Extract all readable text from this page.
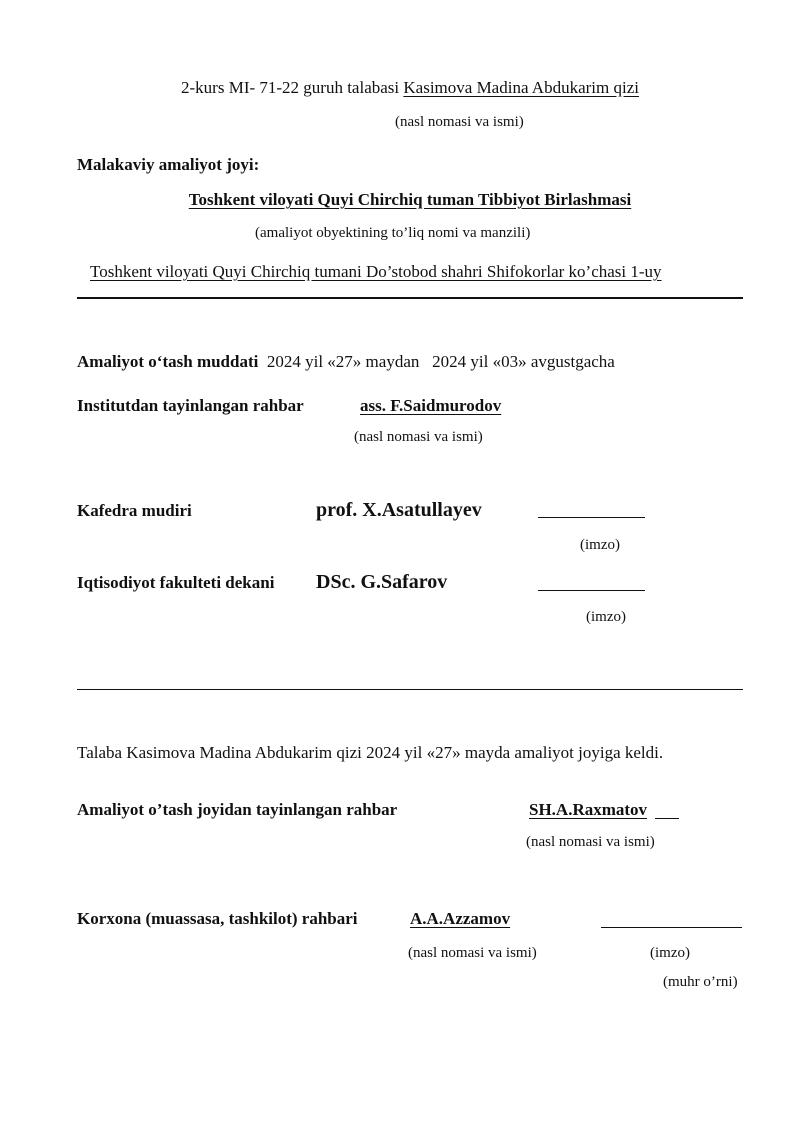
2-kurs MI- 71-22 guruh talabasi Kasimova Madina Abdukarim qizi
(nasl nomasi va ismi)
Malakaviy amaliyot joyi:
Toshkent viloyati Quyi Chirchiq tuman Tibbiyot Birlashmasi
(amaliyot obyektining to’liq nomi va manzili)
Toshkent viloyati Quyi Chirchiq tumani Do’stobod shahri Shifokorlar ko’chasi 1-uy
Amaliyot o‘tash muddati 2024 yil «27» maydan 2024 yil «03» avgustgacha
Institutdan tayinlangan rahbar	ass. F.Saidmurodov
(nasl nomasi va ismi)
Kafedra mudiri	prof. X.Asatullayev
(imzo)
Iqtisodiyot fakulteti dekani DSc. G.Safarov
(imzo)
Talaba Kasimova Madina Abdukarim qizi 2024 yil «27» mayda amaliyot joyiga keldi.
Amaliyot o’tash joyidan tayinlangan rahbar	SH.A.Raxmatov
(nasl nomasi va ismi)
Korxona (muassasa, tashkilot) rahbari	A.A.Azzamov
(nasl nomasi va ismi)	(imzo)
(muhr o’rni)
